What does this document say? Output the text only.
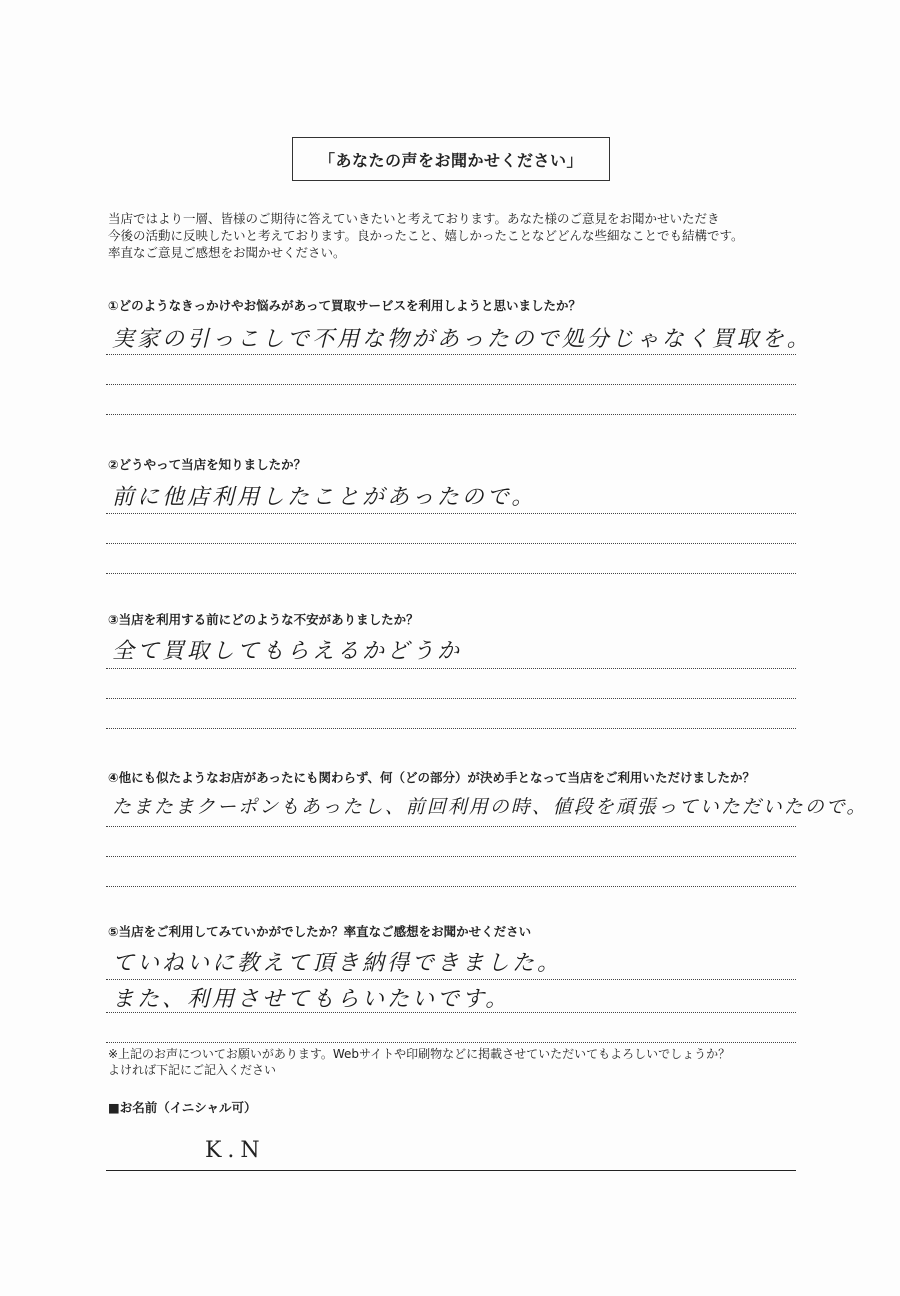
「あなたの声をお聞かせください」
当店ではより一層、皆様のご期待に答えていきたいと考えております。あなた様のご意見をお聞かせいただき
今後の活動に反映したいと考えております。良かったこと、嬉しかったことなどどんな些細なことでも結構です。
率直なご意見ご感想をお聞かせください。
①どのようなきっかけやお悩みがあって買取サービスを利用しようと思いましたか？
実家の引っこしで不用な物があったので処分じゃなく買取を。
②どうやって当店を知りましたか？
前に他店利用したことがあったので。
③当店を利用する前にどのような不安がありましたか？
全て買取してもらえるかどうか
④他にも似たようなお店があったにも関わらず、何（どの部分）が決め手となって当店をご利用いただけましたか？
たまたまクーポンもあったし、前回利用の時、値段を頑張っていただいたので。
⑤当店をご利用してみていかがでしたか？率直なご感想をお聞かせください
ていねいに教えて頂き納得できました。
また、利用させてもらいたいです。
※上記のお声についてお願いがあります。Webサイトや印刷物などに掲載させていただいてもよろしいでしょうか？
よければ下記にご記入ください
■お名前（イニシャル可）
K.N
